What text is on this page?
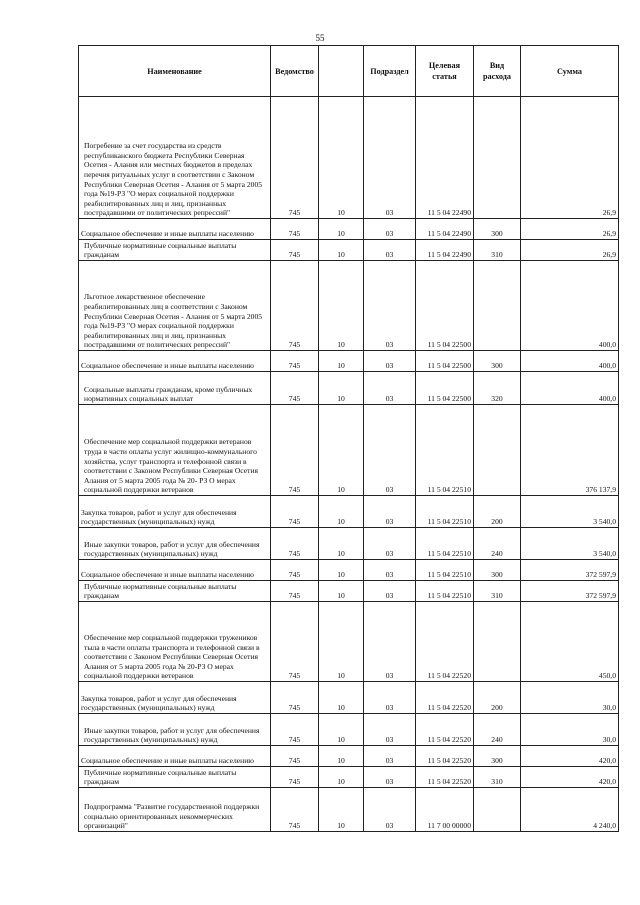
55
Наименование	Ведомство		Подраздел	Целевая статья	Вид расхода	Сумма
Погребение за счет государства из средств республиканского бюджета Республики Северная Осетия - Алания или местных бюджетов в пределах перечня ритуальных услуг в соответствии с Законом Республики Северная Осетия - Алания от 5 марта 2005 года №19-РЗ "О мерах социальной поддержки реабилитированных лиц и лиц, признанных пострадавшими от политических репрессий"	745	10	03	11 5 04 22490		26,9
Социальное обеспечение и иные выплаты населению	745	10	03	11 5 04 22490	300	26,9
Публичные нормативные социальные выплаты гражданам	745	10	03	11 5 04 22490	310	26,9
Льготное лекарственное обеспечение реабилитированных лиц в соответствии с Законом Республики Северная Осетия - Алания от 5 марта 2005 года №19-РЗ "О мерах социальной поддержки реабилитированных лиц и лиц, признанных пострадавшими от политических репрессий"	745	10	03	11 5 04 22500		400,0
Социальное обеспечение и иные выплаты населению	745	10	03	11 5 04 22500	300	400,0
Социальные выплаты гражданам, кроме публичных нормативных социальных выплат	745	10	03	11 5 04 22500	320	400,0
Обеспечение мер социальной поддержки ветеранов труда в части оплаты услуг жилищно-коммунального хозяйства, услуг транспорта и телефонной связи в соответствии с Законом Республики Северная Осетия Алания от 5 марта 2005 года № 20- РЗ О мерах социальной поддержки ветеранов	745	10	03	11 5 04 22510		376 137,9
Закупка товаров, работ и услуг для обеспечения государственных (муниципальных) нужд	745	10	03	11 5 04 22510	200	3 540,0
Иные закупки товаров, работ и услуг для обеспечения государственных (муниципальных) нужд	745	10	03	11 5 04 22510	240	3 540,0
Социальное обеспечение и иные выплаты населению	745	10	03	11 5 04 22510	300	372 597,9
Публичные нормативные социальные выплаты гражданам	745	10	03	11 5 04 22510	310	372 597,9
Обеспечение мер социальной поддержки тружеников тыла в части оплаты транспорта и телефонной связи в соответствии с Законом Республики Северная Осетия Алания от 5 марта 2005 года № 20-РЗ О мерах социальной поддержки ветеранов	745	10	03	11 5 04 22520		450,0
Закупка товаров, работ и услуг для обеспечения государственных (муниципальных) нужд	745	10	03	11 5 04 22520	200	30,0
Иные закупки товаров, работ и услуг для обеспечения государственных (муниципальных) нужд	745	10	03	11 5 04 22520	240	30,0
Социальное обеспечение и иные выплаты населению	745	10	03	11 5 04 22520	300	420,0
Публичные нормативные социальные выплаты гражданам	745	10	03	11 5 04 22520	310	420,0
Подпрограмма "Развитие государственной поддержки социально ориентированных некоммерческих организаций"	745	10	03	11 7 00 00000		4 240,0
